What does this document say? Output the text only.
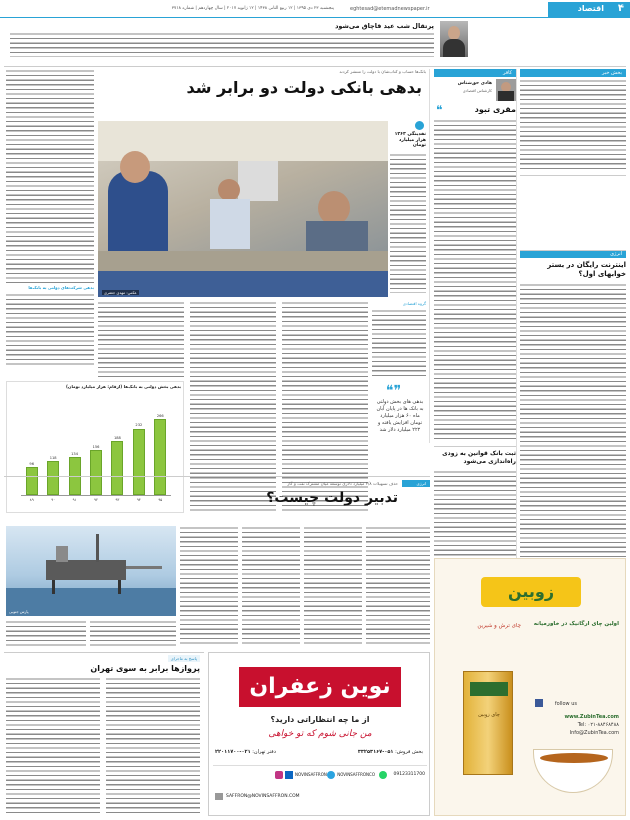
۴
اقتصاد
eghtesad@etemadnewspaper.ir
پنجشنبه ۲۳ دی ۱۳۹۵ | ۱۲ ربیع الثانی ۱۴۳۸ | ۱۲ ژانویه ۲۰۱۷ | سال چهاردهم | شماره ۳۷۱۸
پرتقال شب عید قاچاق می‌شود
بخش خبر
انرژی
اینترنت رایگان در بستر خوابهای اول؟
کافر
هادی حق‌شناس
کارشناس اقتصادی
مقری تبود
❝
بانک‌ها حساب و کتاب‌شان با دولت را منتشر کردند
بدهی بانکی دولت دو برابر شد
عکس: مهدی جعفری
نقدینگی ۱۲۶۳ هزار میلیارد تومان
بدهی شرکت‌های دولتی به بانک‌ها
گروه اقتصادی
❝❞
بدهی های بخش دولتی به بانک ها در پایان آبان ماه ۶۰ هزار میلیارد تومان افزایش یافته و ۲۲۲ میلیارد دلار شد
بدهی بخش دولتی به بانک‌ها (ارقام: هزار میلیارد تومان)
96
۸۹
118
۹۰
134
۹۱
156
۹۲
188
۹۳
232
۹۴
266
۹۵
ثبت بانک قوانین به زودی راه‌اندازی می‌شود
انرژی
حذف تسهیلات ۴/۸ میلیارد دلاری توسعه میان مشترک نفت و گاز
تدبیر دولت چیست؟
پارس جنوبی
پاسخ به ماجرای
پروازها برابر به سوی تهران
نوین زعفران
از ما چه انتظاراتی دارید؟
من جانی شوم که تو خواهی
بخش فروش: ۰۵۱-۳۳۲۵۳۱۶۷
دفتر تهران: ۰۲۱-۲۲۰۱۱۷۰۰
09123311700
NOVINSAFFRONCO
NOVINSAFFRON
SAFFRON@NOVINSAFFRON.COM
زوبین
اولین چای ارگانیک در خاورمیانه
چای ترش و شیرین
follow us
www.ZubinTea.com
Tel: ۰۲۱-۸۸۴۶۸۴۸۸
Info@ZubinTea.com
چای زوبین
